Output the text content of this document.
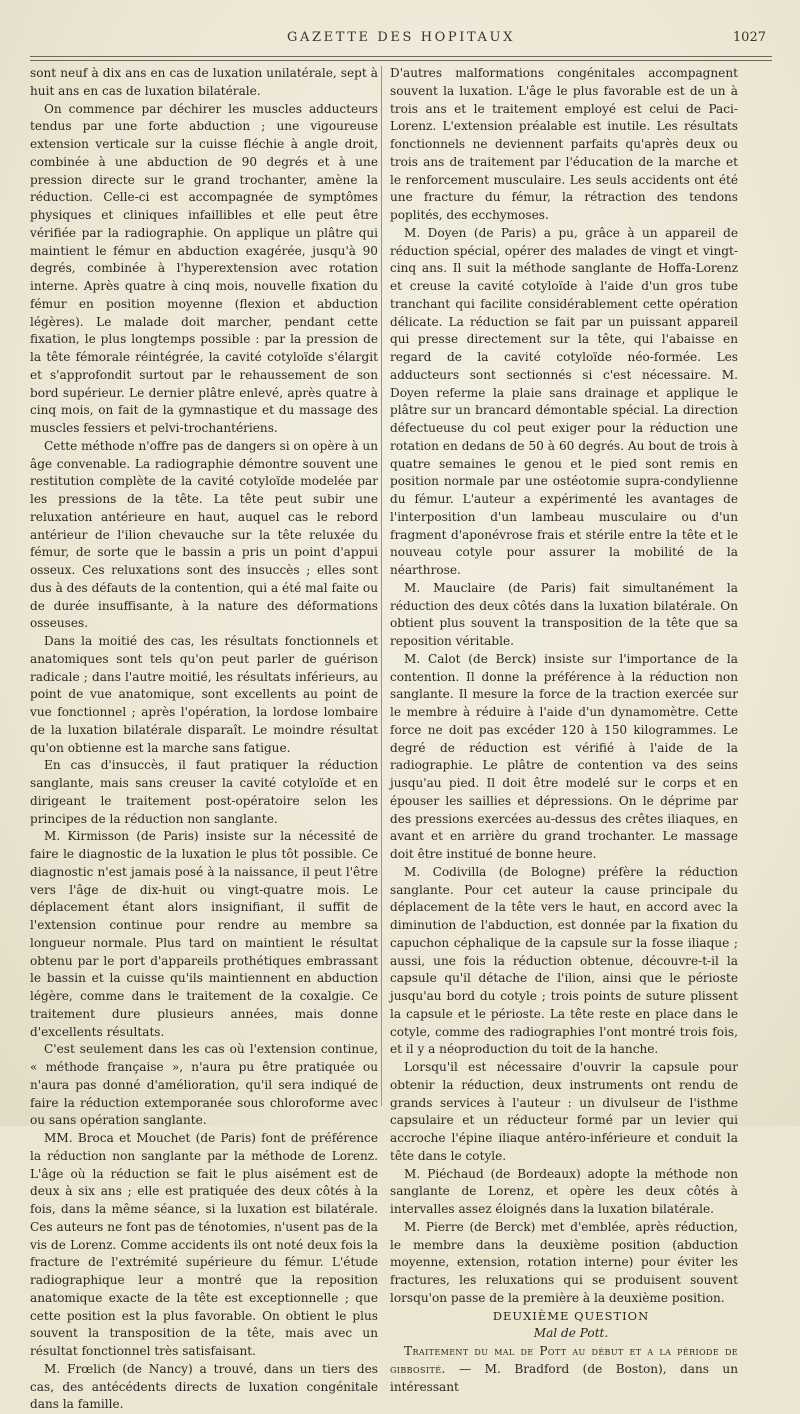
GAZETTE DES HOPITAUX	1027

sont neuf à dix ans en cas de luxation unilatérale, sept à huit ans en cas de luxation bilatérale.

On commence par déchirer les muscles adducteurs tendus par une forte abduction ; une vigoureuse extension verticale sur la cuisse fléchie à angle droit, combinée à une abduction de 90 degrés et à une pression directe sur le grand trochanter, amène la réduction. Celle-ci est accompagnée de symptômes physiques et cliniques infaillibles et elle peut être vérifiée par la radiographie. On applique un plâtre qui maintient le fémur en abduction exagérée, jusqu'à 90 degrés, combinée à l'hyperextension avec rotation interne. Après quatre à cinq mois, nouvelle fixation du fémur en position moyenne (flexion et abduction légères). Le malade doit marcher, pendant cette fixation, le plus longtemps possible : par la pression de la tête fémorale réintégrée, la cavité cotyloïde s'élargit et s'approfondit surtout par le rehaussement de son bord supérieur. Le dernier plâtre enlevé, après quatre à cinq mois, on fait de la gymnastique et du massage des muscles fessiers et pelvi-trochantériens.

Cette méthode n'offre pas de dangers si on opère à un âge convenable. La radiographie démontre souvent une restitution complète de la cavité cotyloïde modelée par les pressions de la tête. La tête peut subir une reluxation antérieure en haut, auquel cas le rebord antérieur de l'ilion chevauche sur la tête reluxée du fémur, de sorte que le bassin a pris un point d'appui osseux. Ces reluxations sont des insuccès ; elles sont dus à des défauts de la contention, qui a été mal faite ou de durée insuffisante, à la nature des déformations osseuses.

Dans la moitié des cas, les résultats fonctionnels et anatomiques sont tels qu'on peut parler de guérison radicale ; dans l'autre moitié, les résultats inférieurs, au point de vue anatomique, sont excellents au point de vue fonctionnel ; après l'opération, la lordose lombaire de la luxation bilatérale disparaît. Le moindre résultat qu'on obtienne est la marche sans fatigue.

En cas d'insuccès, il faut pratiquer la réduction sanglante, mais sans creuser la cavité cotyloïde et en dirigeant le traitement post-opératoire selon les principes de la réduction non sanglante.

M. Kirmisson (de Paris) insiste sur la nécessité de faire le diagnostic de la luxation le plus tôt possible. Ce diagnostic n'est jamais posé à la naissance, il peut l'être vers l'âge de dix-huit ou vingt-quatre mois. Le déplacement étant alors insignifiant, il suffit de l'extension continue pour rendre au membre sa longueur normale. Plus tard on maintient le résultat obtenu par le port d'appareils prothétiques embrassant le bassin et la cuisse qu'ils maintiennent en abduction légère, comme dans le traitement de la coxalgie. Ce traitement dure plusieurs années, mais donne d'excellents résultats.

C'est seulement dans les cas où l'extension continue, « méthode française », n'aura pu être pratiquée ou n'aura pas donné d'amélioration, qu'il sera indiqué de faire la réduction extemporanée sous chloroforme avec ou sans opération sanglante.

MM. Broca et Mouchet (de Paris) font de préférence la réduction non sanglante par la méthode de Lorenz. L'âge où la réduction se fait le plus aisément est de deux à six ans ; elle est pratiquée des deux côtés à la fois, dans la même séance, si la luxation est bilatérale. Ces auteurs ne font pas de ténotomies, n'usent pas de la vis de Lorenz. Comme accidents ils ont noté deux fois la fracture de l'extrémité supérieure du fémur. L'étude radiographique leur a montré que la reposition anatomique exacte de la tête est exceptionnelle ; que cette position est la plus favorable. On obtient le plus souvent la transposition de la tête, mais avec un résultat fonctionnel très satisfaisant.

M. Frœlich (de Nancy) a trouvé, dans un tiers des cas, des antécédents directs de luxation congénitale dans la famille.

D'autres malformations congénitales accompagnent souvent la luxation. L'âge le plus favorable est de un à trois ans et le traitement employé est celui de Paci-Lorenz. L'extension préalable est inutile. Les résultats fonctionnels ne deviennent parfaits qu'après deux ou trois ans de traitement par l'éducation de la marche et le renforcement musculaire. Les seuls accidents ont été une fracture du fémur, la rétraction des tendons poplités, des ecchymoses.

M. Doyen (de Paris) a pu, grâce à un appareil de réduction spécial, opérer des malades de vingt et vingt-cinq ans. Il suit la méthode sanglante de Hoffa-Lorenz et creuse la cavité cotyloïde à l'aide d'un gros tube tranchant qui facilite considérablement cette opération délicate. La réduction se fait par un puissant appareil qui presse directement sur la tête, qui l'abaisse en regard de la cavité cotyloïde néo-formée. Les adducteurs sont sectionnés si c'est nécessaire. M. Doyen referme la plaie sans drainage et applique le plâtre sur un brancard démontable spécial. La direction défectueuse du col peut exiger pour la réduction une rotation en dedans de 50 à 60 degrés. Au bout de trois à quatre semaines le genou et le pied sont remis en position normale par une ostéotomie supra-condylienne du fémur. L'auteur a expérimenté les avantages de l'interposition d'un lambeau musculaire ou d'un fragment d'aponévrose frais et stérile entre la tête et le nouveau cotyle pour assurer la mobilité de la néarthrose.

M. Mauclaire (de Paris) fait simultanément la réduction des deux côtés dans la luxation bilatérale. On obtient plus souvent la transposition de la tête que sa reposition véritable.

M. Calot (de Berck) insiste sur l'importance de la contention. Il donne la préférence à la réduction non sanglante. Il mesure la force de la traction exercée sur le membre à réduire à l'aide d'un dynamomètre. Cette force ne doit pas excéder 120 à 150 kilogrammes. Le degré de réduction est vérifié à l'aide de la radiographie. Le plâtre de contention va des seins jusqu'au pied. Il doit être modelé sur le corps et en épouser les saillies et dépressions. On le déprime par des pressions exercées au-dessus des crêtes iliaques, en avant et en arrière du grand trochanter. Le massage doit être institué de bonne heure.

M. Codivilla (de Bologne) préfère la réduction sanglante. Pour cet auteur la cause principale du déplacement de la tête vers le haut, en accord avec la diminution de l'abduction, est donnée par la fixation du capuchon céphalique de la capsule sur la fosse iliaque ; aussi, une fois la réduction obtenue, découvre-t-il la capsule qu'il détache de l'ilion, ainsi que le périoste jusqu'au bord du cotyle ; trois points de suture plissent la capsule et le périoste. La tête reste en place dans le cotyle, comme des radiographies l'ont montré trois fois, et il y a néoproduction du toit de la hanche.

Lorsqu'il est nécessaire d'ouvrir la capsule pour obtenir la réduction, deux instruments ont rendu de grands services à l'auteur : un divulseur de l'isthme capsulaire et un réducteur formé par un levier qui accroche l'épine iliaque antéro-inférieure et conduit la tête dans le cotyle.

M. Piéchaud (de Bordeaux) adopte la méthode non sanglante de Lorenz, et opère les deux côtés à intervalles assez éloignés dans la luxation bilatérale.

M. Pierre (de Berck) met d'emblée, après réduction, le membre dans la deuxième position (abduction moyenne, extension, rotation interne) pour éviter les fractures, les reluxations qui se produisent souvent lorsqu'on passe de la première à la deuxième position.

DEUXIÈME QUESTION

Mal de Pott.

Traitement du mal de Pott au début et a la période de gibbosité. — M. Bradford (de Boston), dans un intéressant
